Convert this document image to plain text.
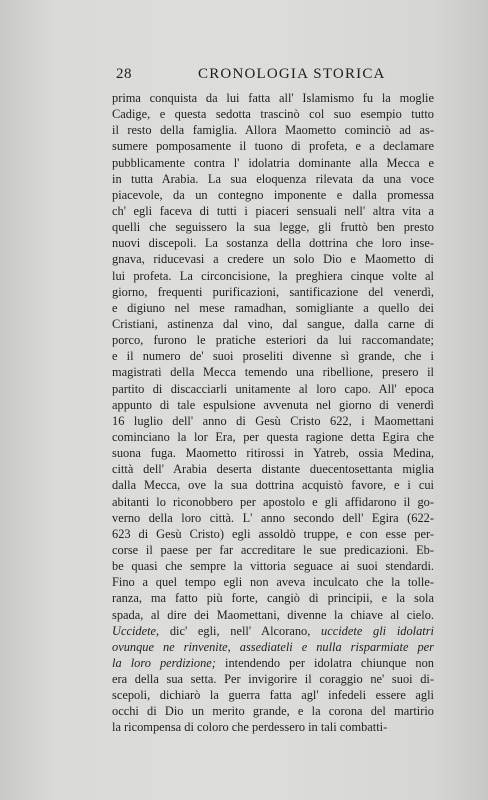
28	CRONOLOGIA STORICA
prima conquista da lui fatta all' Islamismo fu la moglie
Cadige, e questa sedotta trascinò col suo esempio tutto
il resto della famiglia. Allora Maometto cominciò ad as-
sumere pomposamente il tuono di profeta, e a declamare
pubblicamente contra l' idolatria dominante alla Mecca e
in tutta Arabia. La sua eloquenza rilevata da una voce
piacevole, da un contegno imponente e dalla promessa
ch' egli faceva di tutti i piaceri sensuali nell' altra vita a
quelli che seguissero la sua legge, gli fruttò ben presto
nuovi discepoli. La sostanza della dottrina che loro inse-
gnava, riducevasi a credere un solo Dio e Maometto di
lui profeta. La circoncisione, la preghiera cinque volte al
giorno, frequenti purificazioni, santificazione del venerdì,
e digiuno nel mese ramadhan, somigliante a quello dei
Cristiani, astinenza dal vino, dal sangue, dalla carne di
porco, furono le pratiche esteriori da lui raccomandate;
e il numero de' suoi proseliti divenne sì grande, che i
magistrati della Mecca temendo una ribellione, presero il
partito di discacciarli unitamente al loro capo. All' epoca
appunto di tale espulsione avvenuta nel giorno di venerdì
16 luglio dell' anno di Gesù Cristo 622, i Maomettani
cominciano la lor Era, per questa ragione detta Egira che
suona fuga. Maometto ritirossi in Yatreb, ossia Medina,
città dell' Arabia deserta distante duecentosettanta miglia
dalla Mecca, ove la sua dottrina acquistò favore, e i cui
abitanti lo riconobbero per apostolo e gli affidarono il go-
verno della loro città. L' anno secondo dell' Egira (622-
623 di Gesù Cristo) egli assoldò truppe, e con esse per-
corse il paese per far accreditare le sue predicazioni. Eb-
be quasi che sempre la vittoria seguace ai suoi stendardi.
Fino a quel tempo egli non aveva inculcato che la tolle-
ranza, ma fatto più forte, cangiò di principii, e la sola
spada, al dire dei Maomettani, divenne la chiave al cielo.
Uccidete, dic' egli, nell' Alcorano, uccidete gli idolatri
ovunque ne rinvenite, assediateli e nulla risparmiate per
la loro perdizione; intendendo per idolatra chiunque non
era della sua setta. Per invigorire il coraggio ne' suoi di-
scepoli, dichiarò la guerra fatta agl' infedeli essere agli
occhi di Dio un merito grande, e la corona del martirio
la ricompensa di coloro che perdessero in tali combatti-
